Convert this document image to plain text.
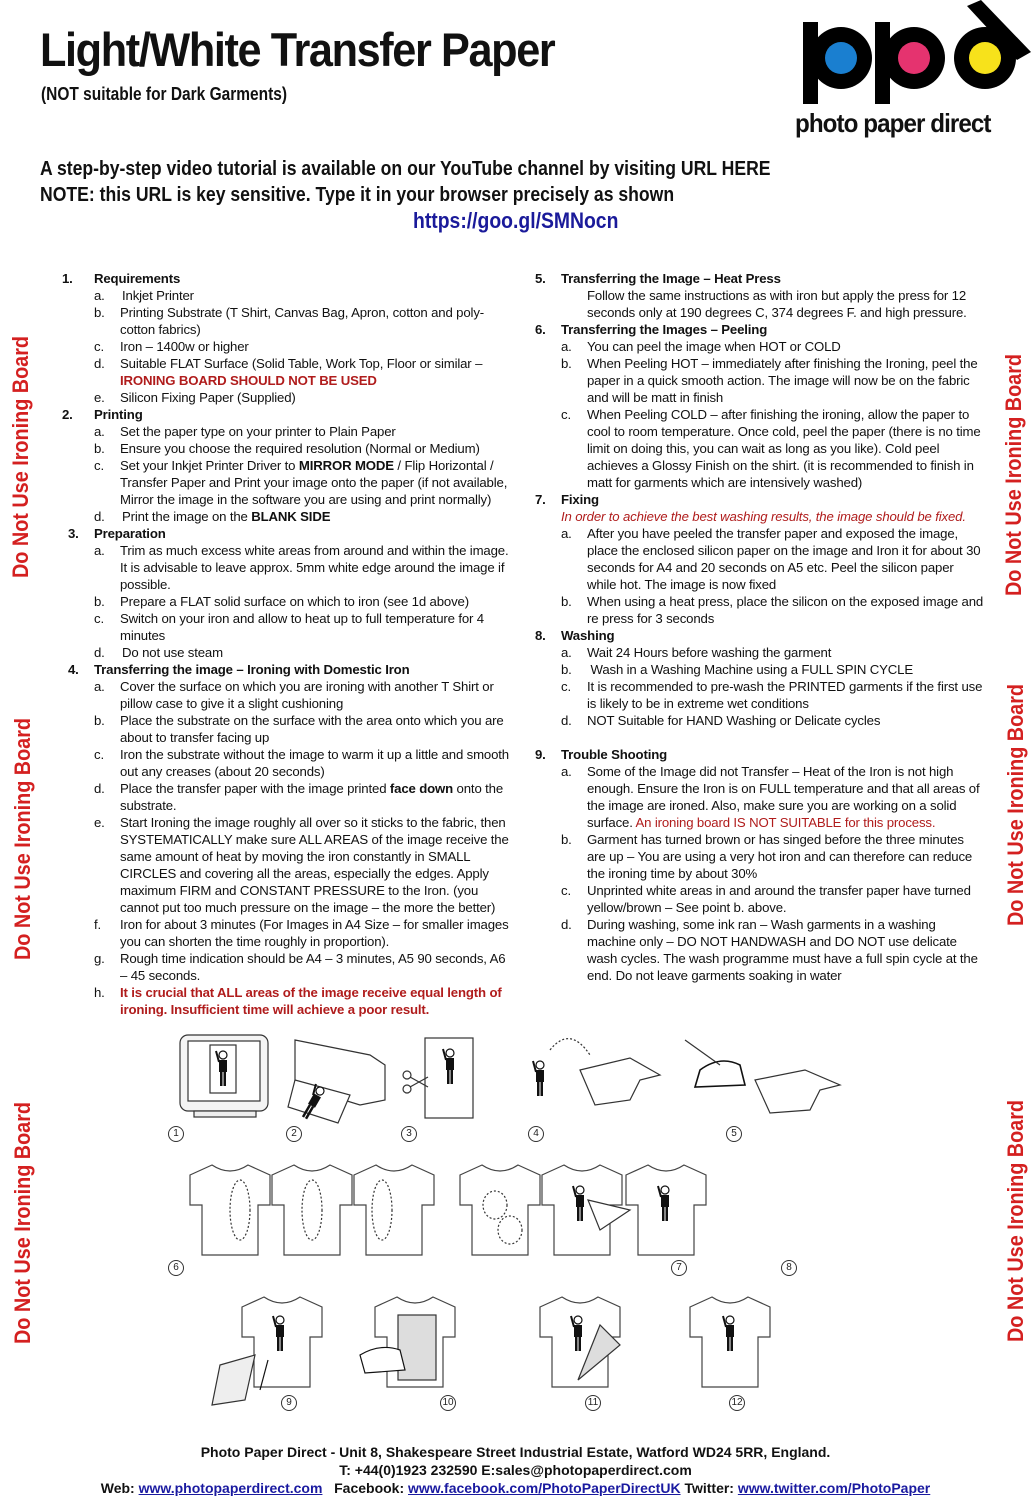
Light/White Transfer Paper
(NOT suitable for Dark Garments)
photo paper direct
A step-by-step video tutorial is available on our YouTube channel by visiting URL HERE
NOTE: this URL is key sensitive. Type it in your browser precisely as shown
https://goo.gl/SMNocn
Do Not Use Ironing Board
Do Not Use Ironing Board
Do Not Use Ironing Board
Do Not Use Ironing Board
Do Not Use Ironing Board
Do Not Use Ironing Board
1. Requirements
a. Inkjet Printer
b. Printing Substrate (T Shirt, Canvas Bag, Apron, cotton and poly-cotton fabrics)
c. Iron – 1400w or higher
d. Suitable FLAT Surface (Solid Table, Work Top, Floor or similar –
IRONING BOARD SHOULD NOT BE USED
e. Silicon Fixing Paper (Supplied)
2. Printing
a. Set the paper type on your printer to Plain Paper
b. Ensure you choose the required resolution (Normal or Medium)
c. Set your Inkjet Printer Driver to MIRROR MODE / Flip Horizontal / Transfer Paper and Print your image onto the paper (if not available, Mirror the image in the software you are using and print normally)
d. Print the image on the BLANK SIDE
3. Preparation
a. Trim as much excess white areas from around and within the image. It is advisable to leave approx. 5mm white edge around the image if possible.
b. Prepare a FLAT solid surface on which to iron (see 1d above)
c. Switch on your iron and allow to heat up to full temperature for 4 minutes
d. Do not use steam
4. Transferring the image – Ironing with Domestic Iron
a. Cover the surface on which you are ironing with another T Shirt or pillow case to give it a slight cushioning
b. Place the substrate on the surface with the area onto which you are about to transfer facing up
c. Iron the substrate without the image to warm it up a little and smooth out any creases (about 20 seconds)
d. Place the transfer paper with the image printed face down onto the substrate.
e. Start Ironing the image roughly all over so it sticks to the fabric, then SYSTEMATICALLY make sure ALL AREAS of the image receive the same amount of heat by moving the iron constantly in SMALL CIRCLES and covering all the areas, especially the edges. Apply maximum FIRM and CONSTANT PRESSURE to the Iron. (you cannot put too much pressure on the image – the more the better)
f. Iron for about 3 minutes (For Images in A4 Size – for smaller images you can shorten the time roughly in proportion).
g. Rough time indication should be A4 – 3 minutes, A5 90 seconds, A6 – 45 seconds.
h. It is crucial that ALL areas of the image receive equal length of ironing. Insufficient time will achieve a poor result.
5. Transferring the Image – Heat Press
Follow the same instructions as with iron but apply the press for 12 seconds only at 190 degrees C, 374 degrees F. and high pressure.
6. Transferring the Images – Peeling
a. You can peel the image when HOT or COLD
b. When Peeling HOT – immediately after finishing the Ironing, peel the paper in a quick smooth action. The image will now be on the fabric and will be matt in finish
c. When Peeling COLD – after finishing the ironing, allow the paper to cool to room temperature. Once cold, peel the paper (there is no time limit on doing this, you can wait as long as you like). Cold peel achieves a Glossy Finish on the shirt. (it is recommended to finish in matt for garments which are intensively washed)
7. Fixing
In order to achieve the best washing results, the image should be fixed.
a. After you have peeled the transfer paper and exposed the image, place the enclosed silicon paper on the image and Iron it for about 30 seconds for A4 and 20 seconds on A5 etc. Peel the silicon paper while hot. The image is now fixed
b. When using a heat press, place the silicon on the exposed image and re press for 3 seconds
8. Washing
a. Wait 24 Hours before washing the garment
b. Wash in a Washing Machine using a FULL SPIN CYCLE
c. It is recommended to pre-wash the PRINTED garments if the first use is likely to be in extreme wet conditions
d. NOT Suitable for HAND Washing or Delicate cycles
9. Trouble Shooting
a. Some of the Image did not Transfer – Heat of the Iron is not high enough. Ensure the Iron is on FULL temperature and that all areas of the image are ironed. Also, make sure you are working on a solid surface. An ironing board IS NOT SUITABLE for this process.
b. Garment has turned brown or has singed before the three minutes are up – You are using a very hot iron and can therefore can reduce the ironing time by about 30%
c. Unprinted white areas in and around the transfer paper have turned yellow/brown – See point b. above.
d. During washing, some ink ran – Wash garments in a washing machine only – DO NOT HANDWASH and DO NOT use delicate wash cycles. The wash programme must have a full spin cycle at the end. Do not leave garments soaking in water
1	2	3	4	5
6	7	8
9	10	11	12
Photo Paper Direct - Unit 8, Shakespeare Street Industrial Estate, Watford WD24 5RR, England.
T: +44(0)1923 232590 E:sales@photopaperdirect.com
Web: www.photopaperdirect.com   Facebook: www.facebook.com/PhotoPaperDirectUK Twitter: www.twitter.com/PhotoPaper
